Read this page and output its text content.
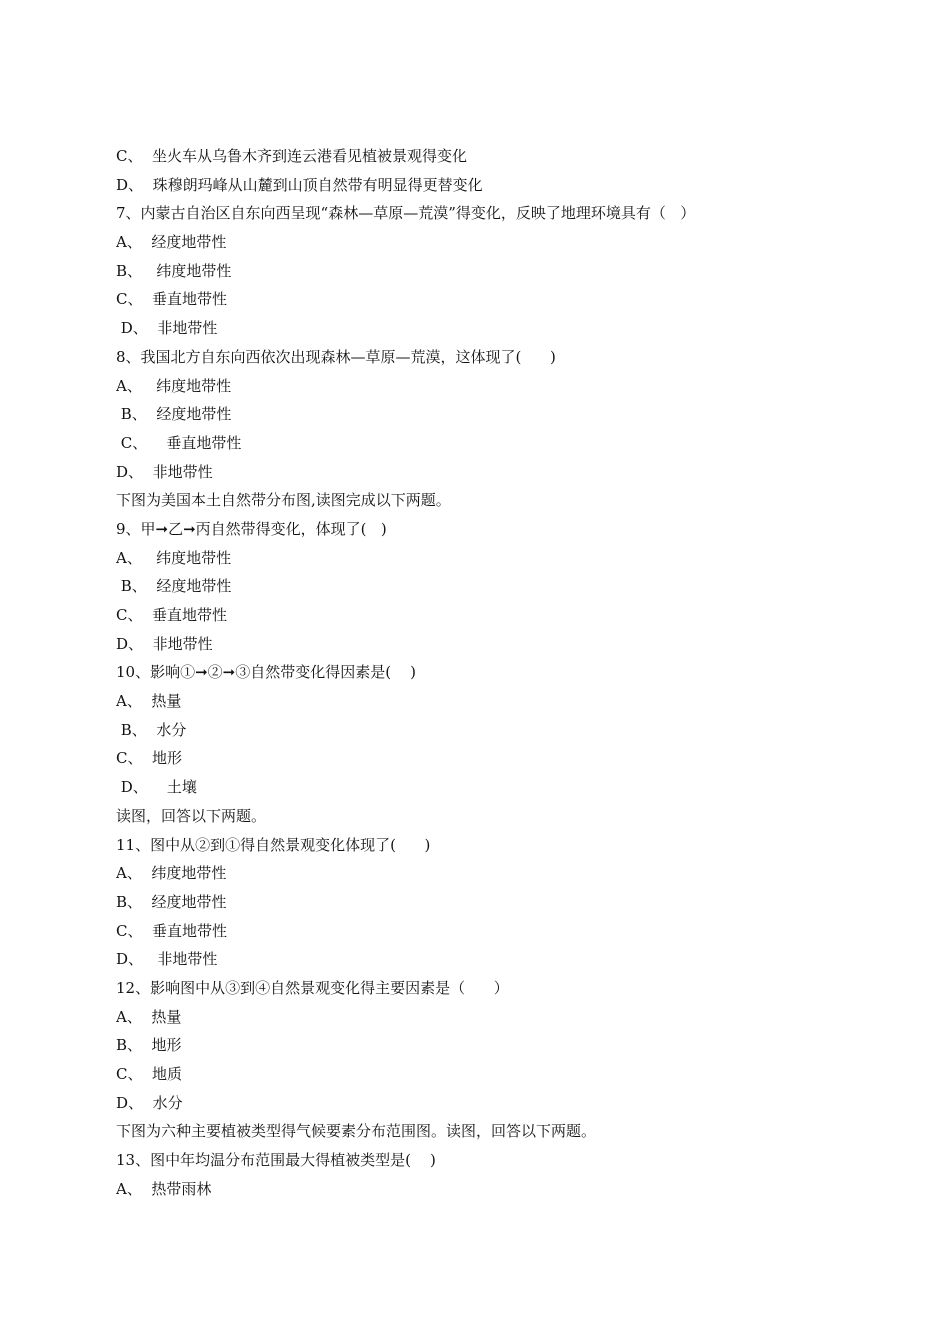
C、  坐火车从乌鲁木齐到连云港看见植被景观得变化
D、  珠穆朗玛峰从山麓到山顶自然带有明显得更替变化
7、内蒙古自治区自东向西呈现“森林—草原—荒漠”得变化，反映了地理环境具有（   ）
A、  经度地带性
B、   纬度地带性
C、  垂直地带性
D、  非地带性
8、我国北方自东向西依次出现森林—草原—荒漠，这体现了(      )
A、   纬度地带性
B、  经度地带性
C、    垂直地带性
D、  非地带性
下图为美国本土自然带分布图,读图完成以下两题。
9、甲➞乙➞丙自然带得变化，体现了(   )
A、   纬度地带性
B、  经度地带性
C、  垂直地带性
D、  非地带性
10、影响①➞②➞③自然带变化得因素是(    )
A、  热量
B、  水分
C、  地形
D、    土壤
读图，回答以下两题。
11、图中从②到①得自然景观变化体现了(      )
A、  纬度地带性
B、  经度地带性
C、  垂直地带性
D、   非地带性
12、影响图中从③到④自然景观变化得主要因素是（      ）
A、  热量
B、  地形
C、  地质
D、  水分
下图为六种主要植被类型得气候要素分布范围图。读图，回答以下两题。
13、图中年均温分布范围最大得植被类型是(    )
A、  热带雨林
